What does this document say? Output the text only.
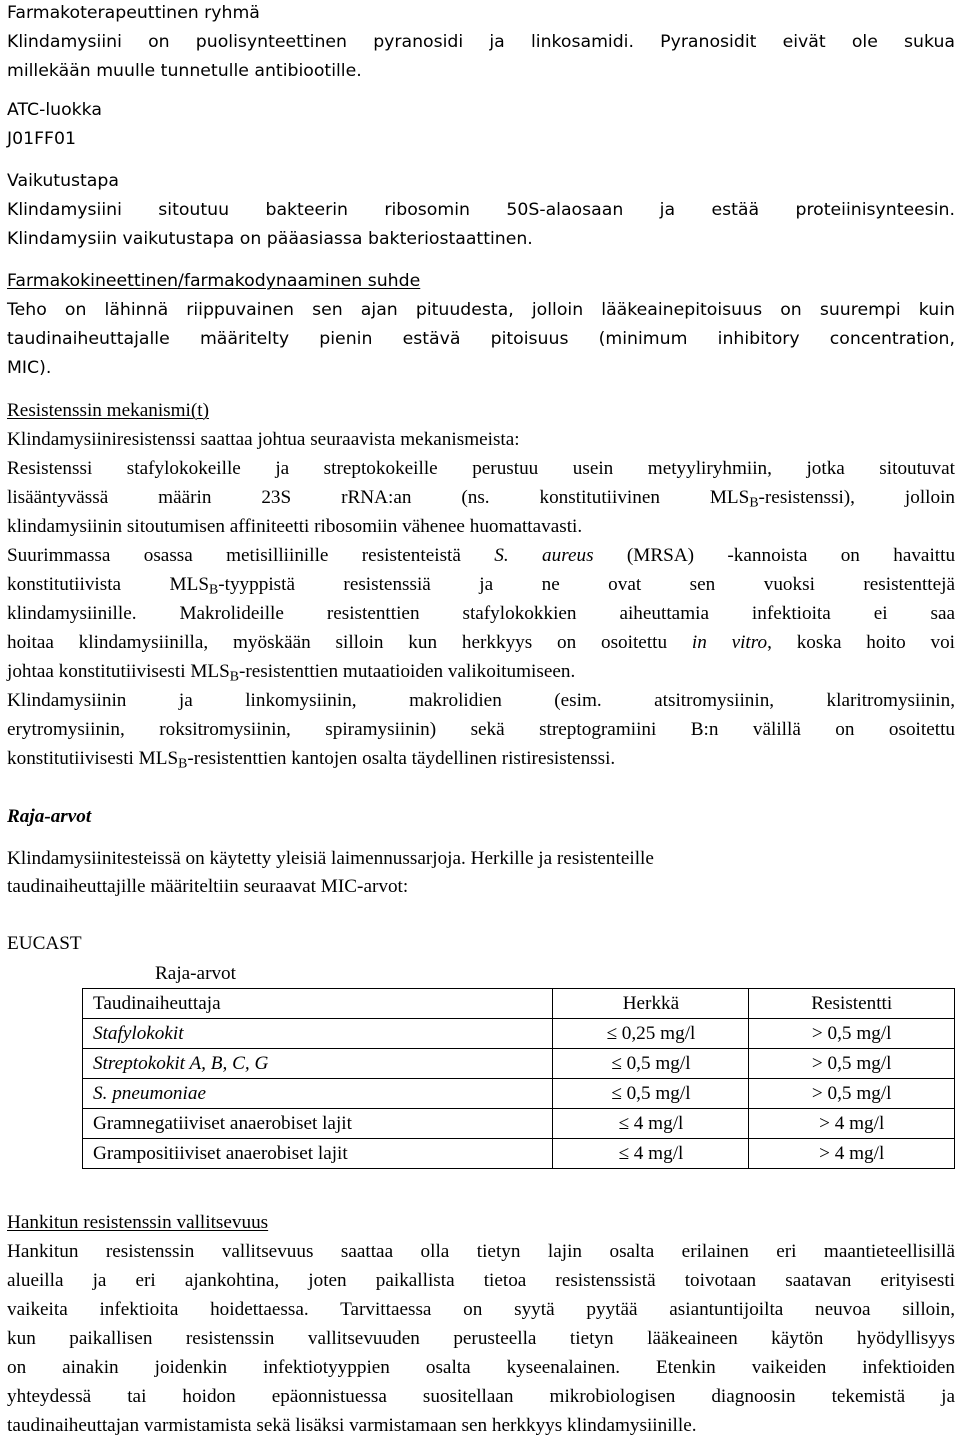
Farmakoterapeuttinen ryhmä
Klindamysiini on puolisynteettinen pyranosidi ja linkosamidi. Pyranosidit eivät ole sukua
millekään muulle tunnetulle antibiootille.
ATC-luokka
J01FF01
Vaikutustapa
Klindamysiini sitoutuu bakteerin ribosomin 50S-alaosaan ja estää proteiinisynteesin.
Klindamysiin vaikutustapa on pääasiassa bakteriostaattinen.
Farmakokineettinen/farmakodynaaminen suhde
Teho on lähinnä riippuvainen sen ajan pituudesta, jolloin lääkeainepitoisuus on suurempi kuin
taudinaiheuttajalle määritelty pienin estävä pitoisuus (minimum inhibitory concentration,
MIC).
Resistenssin mekanismi(t)
Klindamysiiniresistenssi saattaa johtua seuraavista mekanismeista:
Resistenssi stafylokokeille ja streptokokeille perustuu usein metyyliryhmiin, jotka sitoutuvat
lisääntyvässä määrin 23S rRNA:an (ns. konstitutiivinen $MLS_B-resistenssi$), jolloin
klindamysiinin sitoutumisen affiniteetti ribosomiin vähenee huomattavasti.
Suurimmassa osassa metisilliinille resistenteistä S. aureus (MRSA) -kannoista on havaittu
konstitutiivista $MLS_B$-tyyppistä resistenssiä ja ne ovat sen vuoksi resistenttejä
klindamysiinille. Makrolideille resistenttien stafylokokkien aiheuttamia infektioita ei saa
hoitaa klindamysiinilla, myöskään silloin kun herkkyys on osoitettu in vitro, koska hoito voi
johtaa konstitutiivisesti $MLS_B$-resistenttien mutaatioiden valikoitumiseen.
Klindamysiinin ja linkomysiinin, makrolidien (esim. atsitromysiinin, klaritromysiinin,
erytromysiinin, roksitromysiinin, spiramysiinin) sekä streptogramiini B:n välillä on osoitettu
konstitutiivisesti $MLS_B$-resistenttien kantojen osalta täydellinen ristiresistenssi.
Raja-arvot
Klindamysiinitesteissä on käytetty yleisiä laimennussarjoja. Herkille ja resistenteille
taudinaiheuttajille määriteltiin seuraavat MIC-arvot:
EUCAST
Raja-arvot
Taudinaiheuttaja	Herkkä	Resistentti
Stafylokokit	≤ 0,25 mg/l	> 0,5 mg/l
Streptokokit A, B, C, G	≤ 0,5 mg/l	> 0,5 mg/l
S. pneumoniae	≤ 0,5 mg/l	> 0,5 mg/l
Gramnegatiiviset anaerobiset lajit	≤ 4 mg/l	> 4 mg/l
Grampositiiviset anaerobiset lajit	≤ 4 mg/l	> 4 mg/l
Hankitun resistenssin vallitsevuus
Hankitun resistenssin vallitsevuus saattaa olla tietyn lajin osalta erilainen eri maantieteellisillä
alueilla ja eri ajankohtina, joten paikallista tietoa resistenssistä toivotaan saatavan erityisesti
vaikeita infektioita hoidettaessa. Tarvittaessa on syytä pyytää asiantuntijoilta neuvoa silloin,
kun paikallisen resistenssin vallitsevuuden perusteella tietyn lääkeaineen käytön hyödyllisyys
on ainakin joidenkin infektiotyyppien osalta kyseenalainen. Etenkin vaikeiden infektioiden
yhteydessä tai hoidon epäonnistuessa suositellaan mikrobiologisen diagnoosin tekemistä ja
taudinaiheuttajan varmistamista sekä lisäksi varmistamaan sen herkkyys klindamysiinille.
